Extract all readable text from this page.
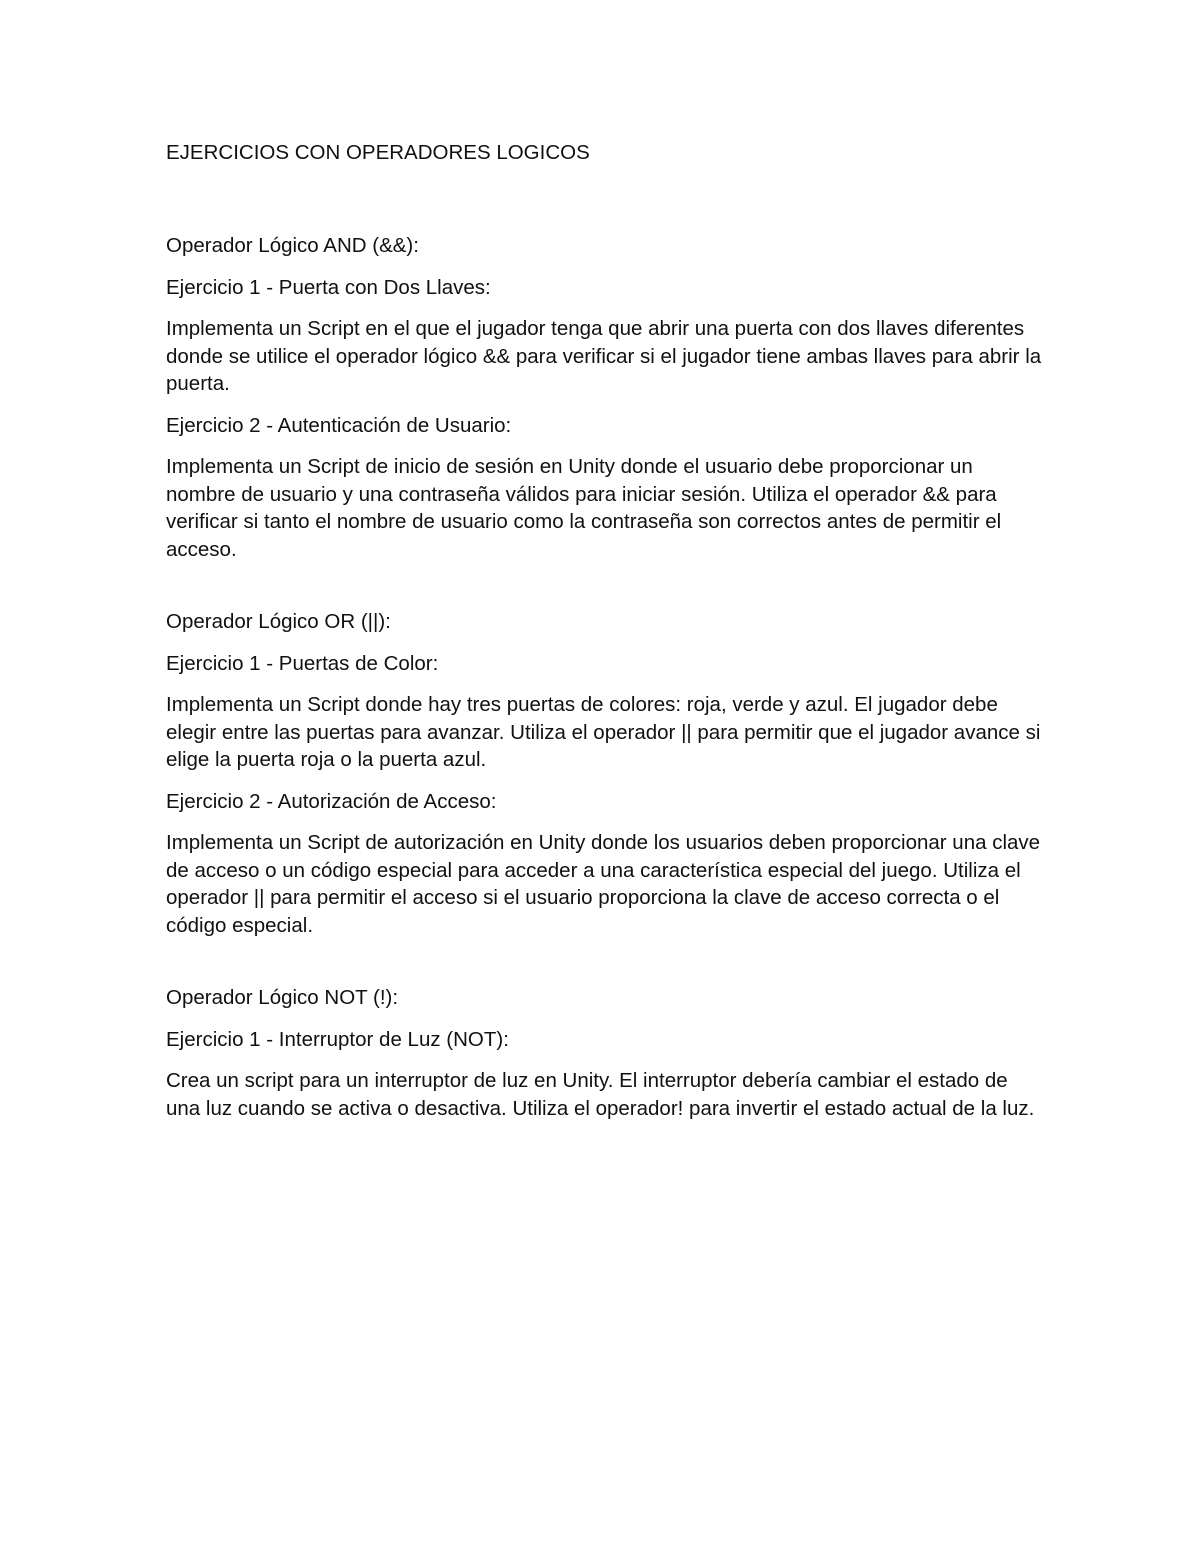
EJERCICIOS CON OPERADORES LOGICOS
Operador Lógico AND (&&):
Ejercicio 1 - Puerta con Dos Llaves:

Implementa un Script en el que el jugador tenga que abrir una puerta con dos llaves diferentes donde se utilice el operador lógico && para verificar si el jugador tiene ambas llaves para abrir la puerta.

Ejercicio 2 - Autenticación de Usuario:

Implementa un Script de inicio de sesión en Unity donde el usuario debe proporcionar un nombre de usuario y una contraseña válidos para iniciar sesión. Utiliza el operador && para verificar si tanto el nombre de usuario como la contraseña son correctos antes de permitir el acceso.

Operador Lógico OR (||):
Ejercicio 1 - Puertas de Color:

Implementa un Script donde hay tres puertas de colores: roja, verde y azul. El jugador debe elegir entre las puertas para avanzar. Utiliza el operador || para permitir que el jugador avance si elige la puerta roja o la puerta azul.

Ejercicio 2 - Autorización de Acceso:

Implementa un Script de autorización en Unity donde los usuarios deben proporcionar una clave de acceso o un código especial para acceder a una característica especial del juego. Utiliza el operador || para permitir el acceso si el usuario proporciona la clave de acceso correcta o el código especial.

Operador Lógico NOT (!):
Ejercicio 1 - Interruptor de Luz (NOT):

Crea un script para un interruptor de luz en Unity. El interruptor debería cambiar el estado de una luz cuando se activa o desactiva. Utiliza el operador! para invertir el estado actual de la luz.
